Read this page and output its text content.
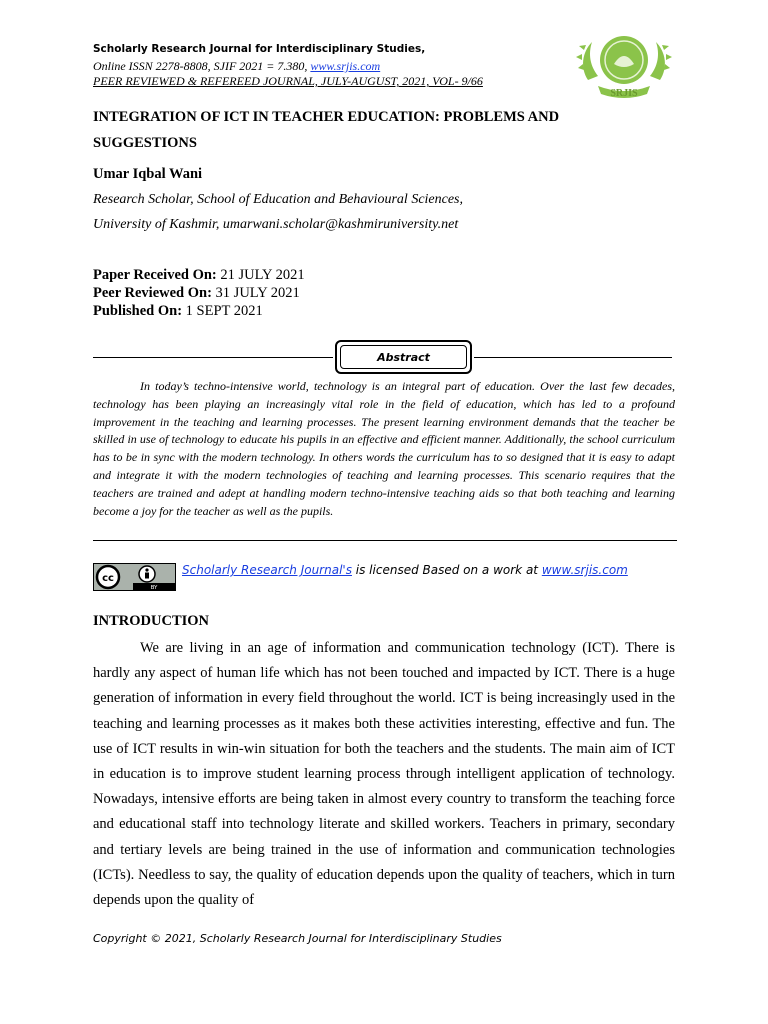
Scholarly Research Journal for Interdisciplinary Studies,
Online ISSN 2278-8808, SJIF 2021 = 7.380, www.srjis.com
PEER REVIEWED & REFEREED JOURNAL, JULY-AUGUST, 2021, VOL- 9/66
SRJIS
INTEGRATION OF ICT IN TEACHER EDUCATION: PROBLEMS AND SUGGESTIONS
Umar Iqbal Wani
Research Scholar, School of Education and Behavioural Sciences,
University of Kashmir, umarwani.scholar@kashmiruniversity.net
Paper Received On: 21 JULY 2021
Peer Reviewed On: 31 JULY 2021
Published On: 1 SEPT 2021
Abstract

In today’s techno-intensive world, technology is an integral part of education. Over the last few decades, technology has been playing an increasingly vital role in the field of education, which has led to a profound improvement in the teaching and learning processes. The present learning environment demands that the teacher be skilled in use of technology to educate his pupils in an effective and efficient manner. Additionally, the school curriculum has to be in sync with the modern technology. In others words the curriculum has to so designed that it is easy to adapt and integrate it with the modern technologies of teaching and learning processes. This scenario requires that the teachers are trained and adept at handling modern techno-intensive teaching aids so that both teaching and learning become a joy for the teacher as well as the pupils.

cc
BY
Scholarly Research Journal's is licensed Based on a work at www.srjis.com
INTRODUCTION

We are living in an age of information and communication technology (ICT). There is hardly any aspect of human life which has not been touched and impacted by ICT. There is a huge generation of information in every field throughout the world. ICT is being increasingly used in the teaching and learning processes as it makes both these activities interesting, effective and fun. The use of ICT results in win-win situation for both the teachers and the students. The main aim of ICT in education is to improve student learning process through intelligent application of technology. Nowadays, intensive efforts are being taken in almost every country to transform the teaching force and educational staff into technology literate and skilled workers. Teachers in primary, secondary and tertiary levels are being trained in the use of information and communication technologies (ICTs). Needless to say, the quality of education depends upon the quality of teachers, which in turn depends upon the quality of

Copyright © 2021, Scholarly Research Journal for Interdisciplinary Studies
